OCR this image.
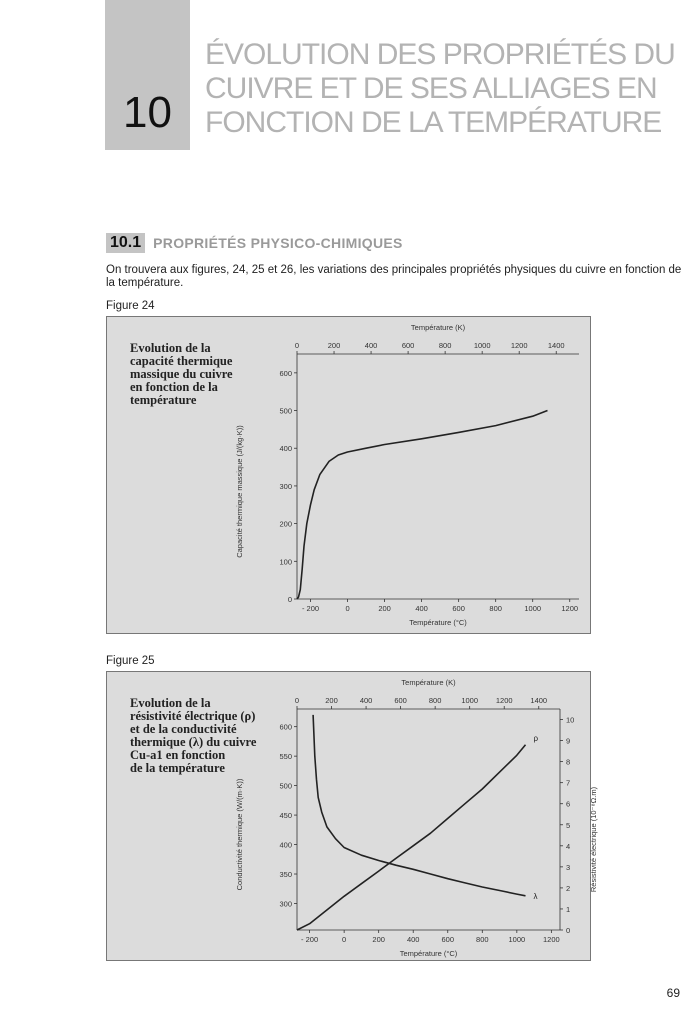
10
ÉVOLUTION DES PROPRIÉTÉS DU
CUIVRE ET DE SES ALLIAGES EN
FONCTION DE LA TEMPÉRATURE
10.1 PROPRIÉTÉS PHYSICO-CHIMIQUES
On trouvera aux figures, 24, 25 et 26, les variations des principales propriétés physiques du cuivre en fonction de la température.
Figure 24
Evolution de la
capacité thermique
massique du cuivre
en fonction de la
température
Température (K)
0	200	400	600	800	1000	1200	1400
- 200	0	200	400	600	800	1000	1200
Température (°C)
0
100
200
300
400
500
600
Capacité thermique massique (J/(kg·K))
Figure 25
Evolution de la
résistivité électrique (ρ)
et de la conductivité
thermique (λ) du cuivre
Cu-a1 en fonction
de la température
Température (K)
0	200	400	600	800	1000 1200 1400
- 200	0	200	400	600	800	1000 1200
Température (°C)
300
350
400
450
500
550
600
Conductivité thermique (W/(m·K))
0
1
2
3
4
5
6
7
8
9
10
Résistivité électrique (10⁻⁸Ω.m)
λ
ρ
69
